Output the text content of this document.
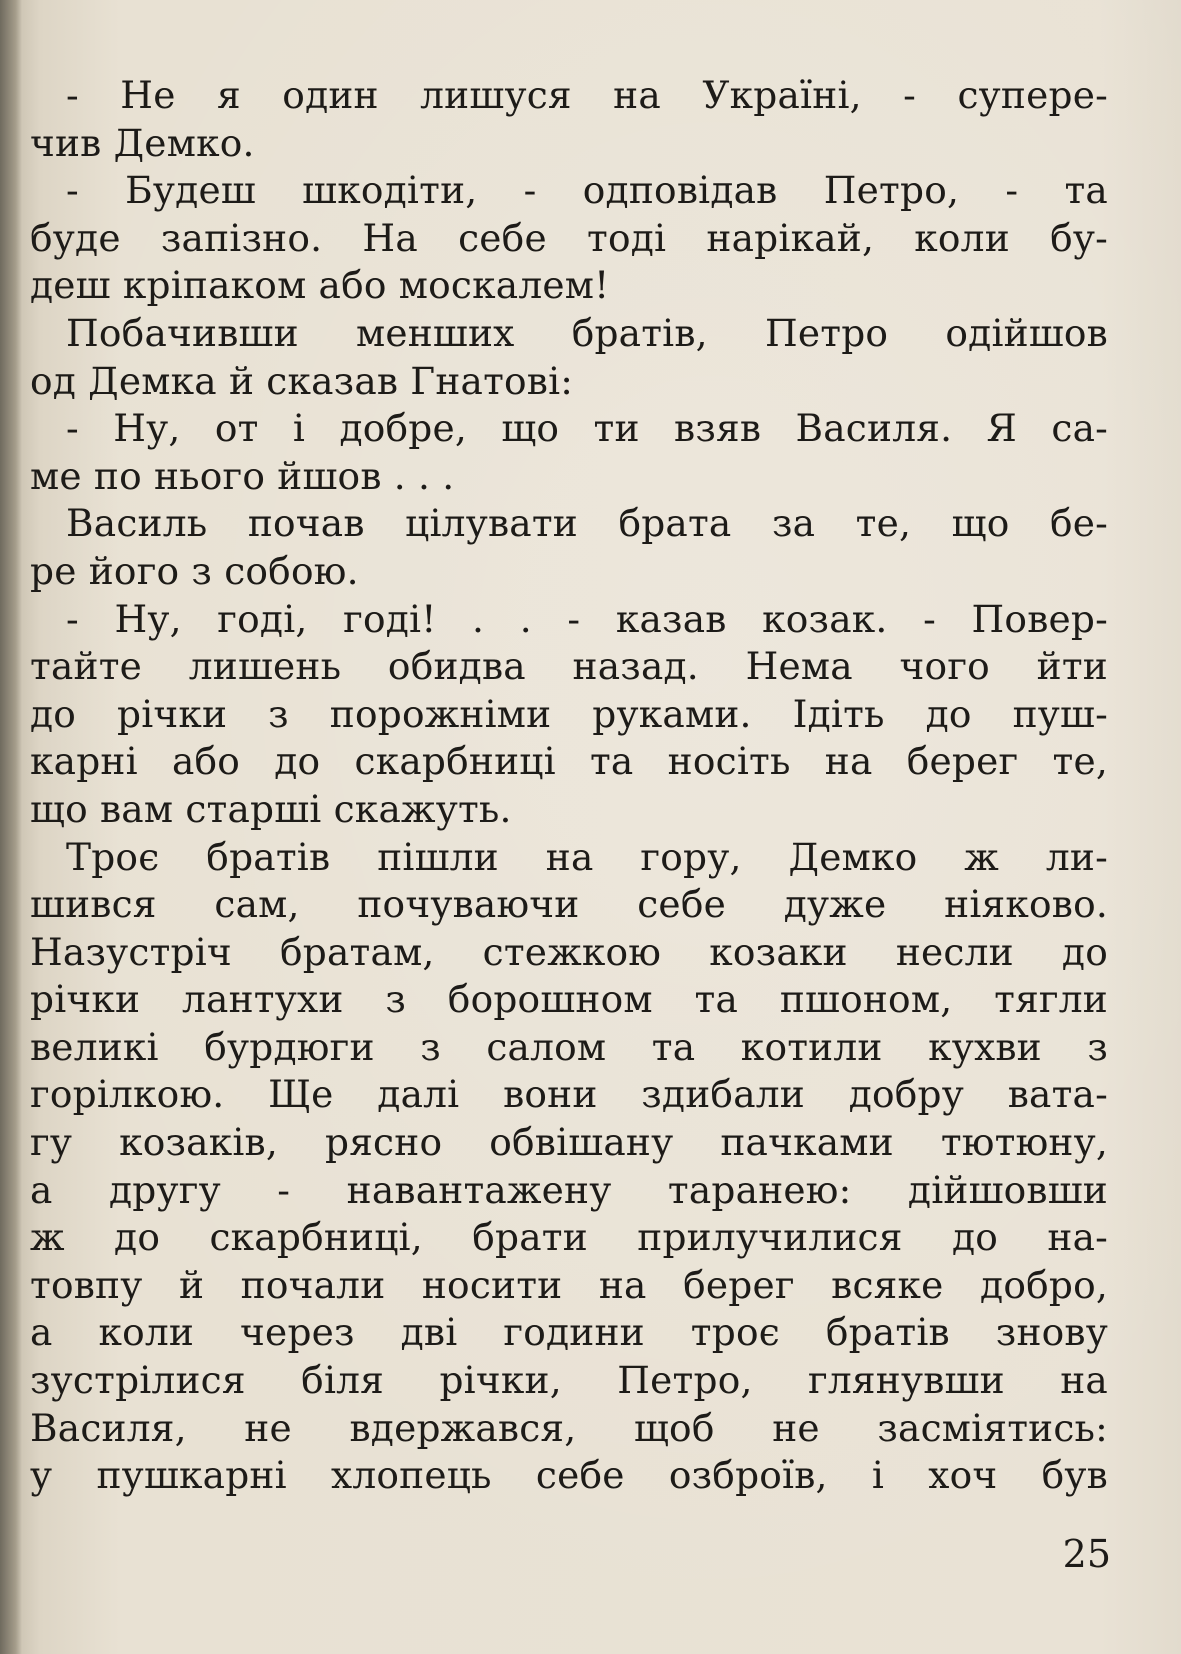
- Не я один лишуся на Україні, - супере-
чив Демко.
- Будеш шкодіти, - одповідав Петро, - та
буде запізно. На себе тоді нарікай, коли бу-
деш кріпаком або москалем!
Побачивши менших братів, Петро одійшов
од Демка й сказав Гнатові:
- Ну, от і добре, що ти взяв Василя. Я са-
ме по нього йшов . . .
Василь почав цілувати брата за те, що бе-
ре його з собою.
- Ну, годі, годі! . . - казав козак. - Повер-
тайте лишень обидва назад. Нема чого йти
до річки з порожніми руками. Ідіть до пуш-
карні або до скарбниці та носіть на берег те,
що вам старші скажуть.
Троє братів пішли на гору, Демко ж ли-
шився сам, почуваючи себе дуже ніяково.
Назустріч братам, стежкою козаки несли до
річки лантухи з борошном та пшоном, тягли
великі бурдюги з салом та котили кухви з
горілкою. Ще далі вони здибали добру вата-
гу козаків, рясно обвішану пачками тютюну,
а другу - навантажену таранею: дійшовши
ж до скарбниці, брати прилучилися до на-
товпу й почали носити на берег всяке добро,
а коли через дві години троє братів знову
зустрілися біля річки, Петро, глянувши на
Василя, не вдержався, щоб не засміятись:
у пушкарні хлопець себе озброїв, і хоч був
25
